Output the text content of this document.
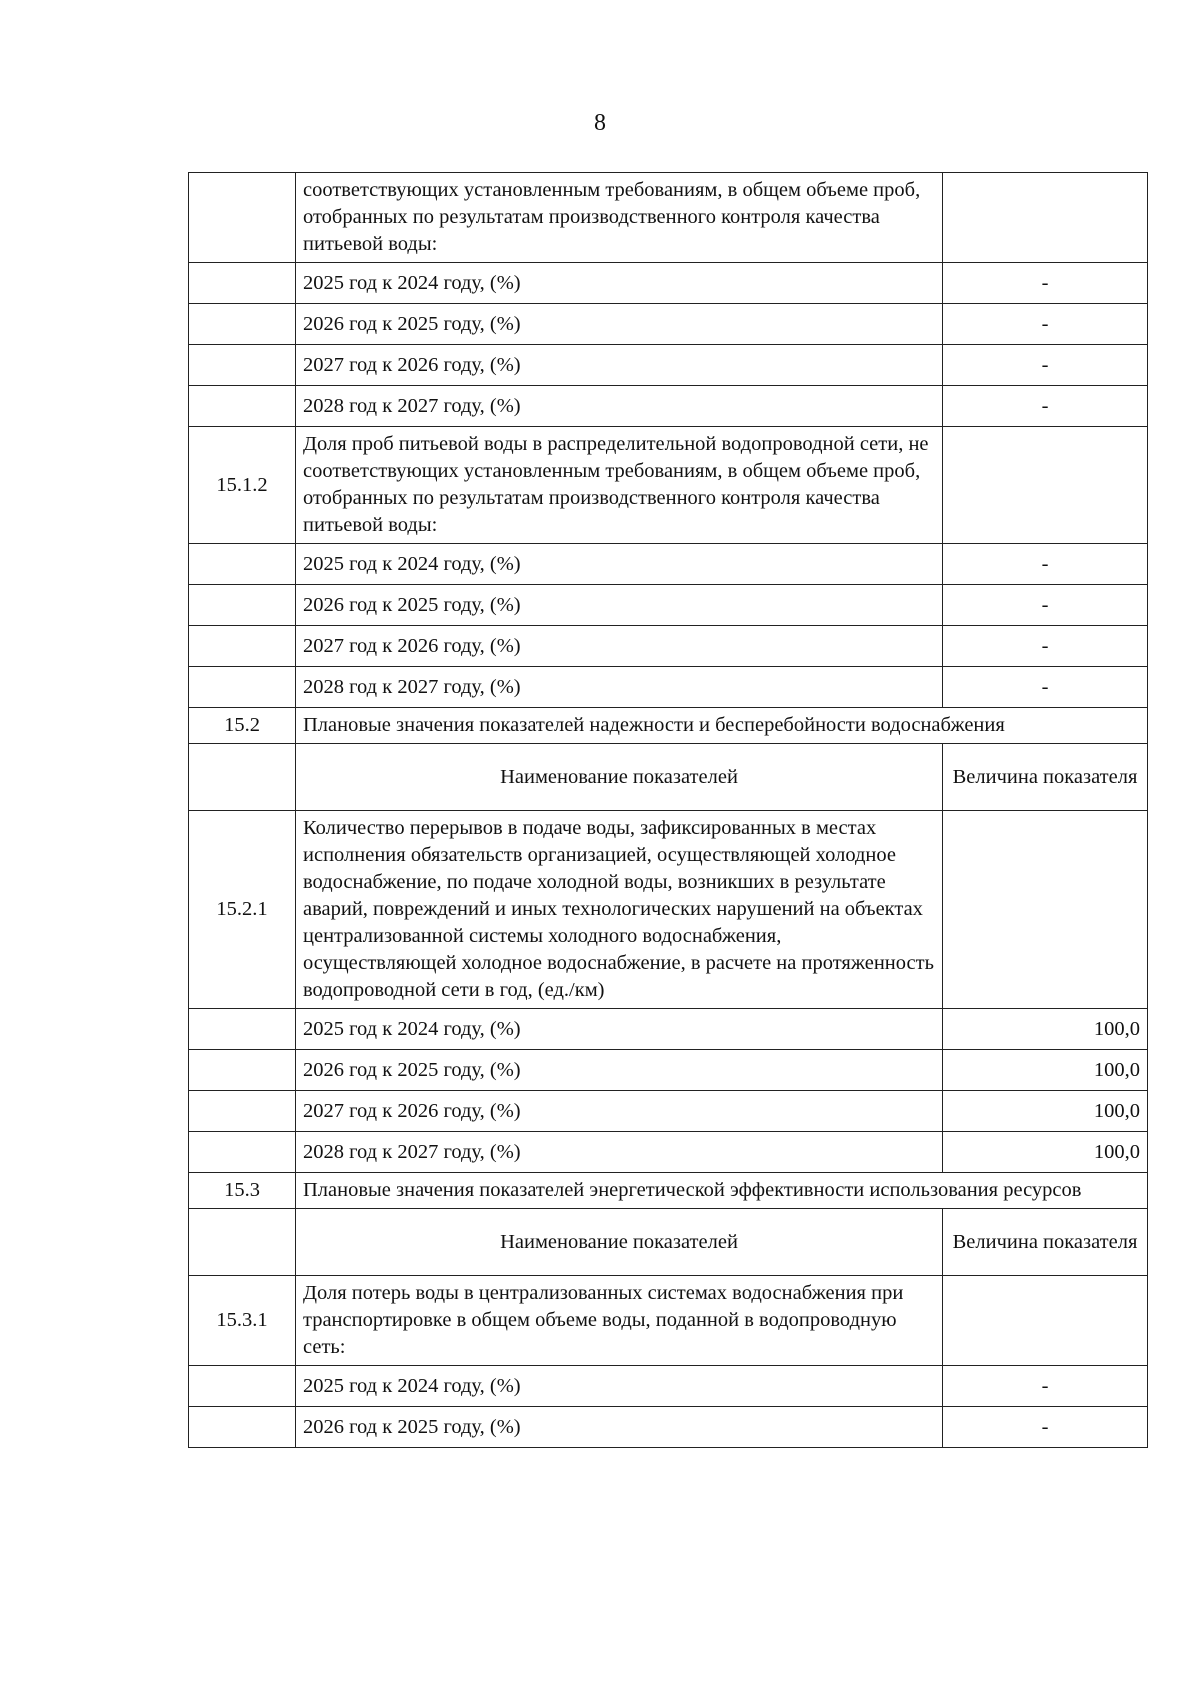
8
	соответствующих установленным требованиям, в общем объеме проб, отобранных по результатам производственного контроля качества питьевой воды:	
	2025 год к 2024 году, (%)	-
	2026 год к 2025 году, (%)	-
	2027 год к 2026 году, (%)	-
	2028 год к 2027 году, (%)	-
15.1.2	Доля проб питьевой воды в распределительной водопроводной сети, не соответствующих установленным требованиям, в общем объеме проб, отобранных по результатам производственного контроля качества питьевой воды:	
	2025 год к 2024 году, (%)	-
	2026 год к 2025 году, (%)	-
	2027 год к 2026 году, (%)	-
	2028 год к 2027 году, (%)	-
15.2	Плановые значения показателей надежности и бесперебойности водоснабжения	
	Наименование показателей	Величина показателя
15.2.1	Количество перерывов в подаче воды, зафиксированных в местах исполнения обязательств организацией, осуществляющей холодное водоснабжение, по подаче холодной воды, возникших в результате аварий, повреждений и иных технологических нарушений на объектах централизованной системы холодного водоснабжения, осуществляющей холодное водоснабжение, в расчете на протяженность водопроводной сети в год, (ед./км)	
	2025 год к 2024 году, (%)	100,0
	2026 год к 2025 году, (%)	100,0
	2027 год к 2026 году, (%)	100,0
	2028 год к 2027 году, (%)	100,0
15.3	Плановые значения показателей энергетической эффективности использования ресурсов	
	Наименование показателей	Величина показателя
15.3.1	Доля потерь воды в централизованных системах водоснабжения при транспортировке в общем объеме воды, поданной в водопроводную сеть:	
	2025 год к 2024 году, (%)	-
	2026 год к 2025 году, (%)	-
